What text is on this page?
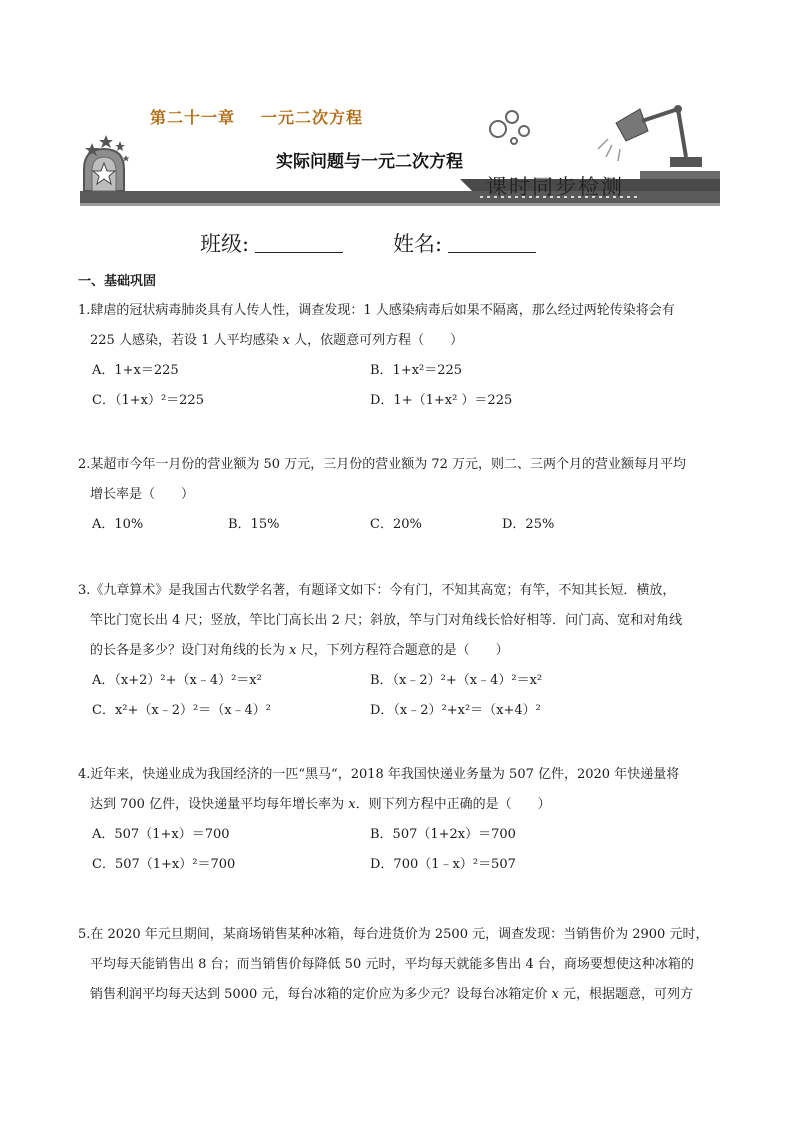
第二十一章 一元二次方程
实际问题与一元二次方程
课时同步检测
班级:	姓名:
一、基础巩固

1.肆虐的冠状病毒肺炎具有人传人性，调查发现：1 人感染病毒后如果不隔离，那么经过两轮传染将会有

225 人感染，若设 1 人平均感染 x 人，依题意可列方程（　　）

A．1+x＝225	B．1+x²＝225
C．（1+x）²＝225	D．1+（1+x² ）＝225

2.某超市今年一月份的营业额为 50 万元，三月份的营业额为 72 万元，则二、三两个月的营业额每月平均

增长率是（　　）

A．10%	B．15%	C．20%	D．25%

3.《九章算术》是我国古代数学名著，有题译文如下：今有门，不知其高宽；有竿，不知其长短．横放，

竿比门宽长出 4 尺；竖放，竿比门高长出 2 尺；斜放，竿与门对角线长恰好相等．问门高、宽和对角线

的长各是多少？设门对角线的长为 x 尺，下列方程符合题意的是（　　）

A．（x+2）²+（x﹣4）²＝x²	B．（x﹣2）²+（x﹣4）²＝x²
C．x²+（x﹣2）²＝（x﹣4）²	D．（x﹣2）²+x²＝（x+4）²

4.近年来，快递业成为我国经济的一匹“黑马“，2018 年我国快递业务量为 507 亿件，2020 年快递量将

达到 700 亿件，设快递量平均每年增长率为 x．则下列方程中正确的是（　　）

A．507（1+x）＝700	B．507（1+2x）＝700
C．507（1+x）²＝700	D．700（1﹣x）²＝507

5.在 2020 年元旦期间，某商场销售某种冰箱，每台进货价为 2500 元，调查发现：当销售价为 2900 元时，

平均每天能销售出 8 台；而当销售价每降低 50 元时，平均每天就能多售出 4 台，商场要想使这种冰箱的

销售利润平均每天达到 5000 元，每台冰箱的定价应为多少元？设每台冰箱定价 x 元，根据题意，可列方
